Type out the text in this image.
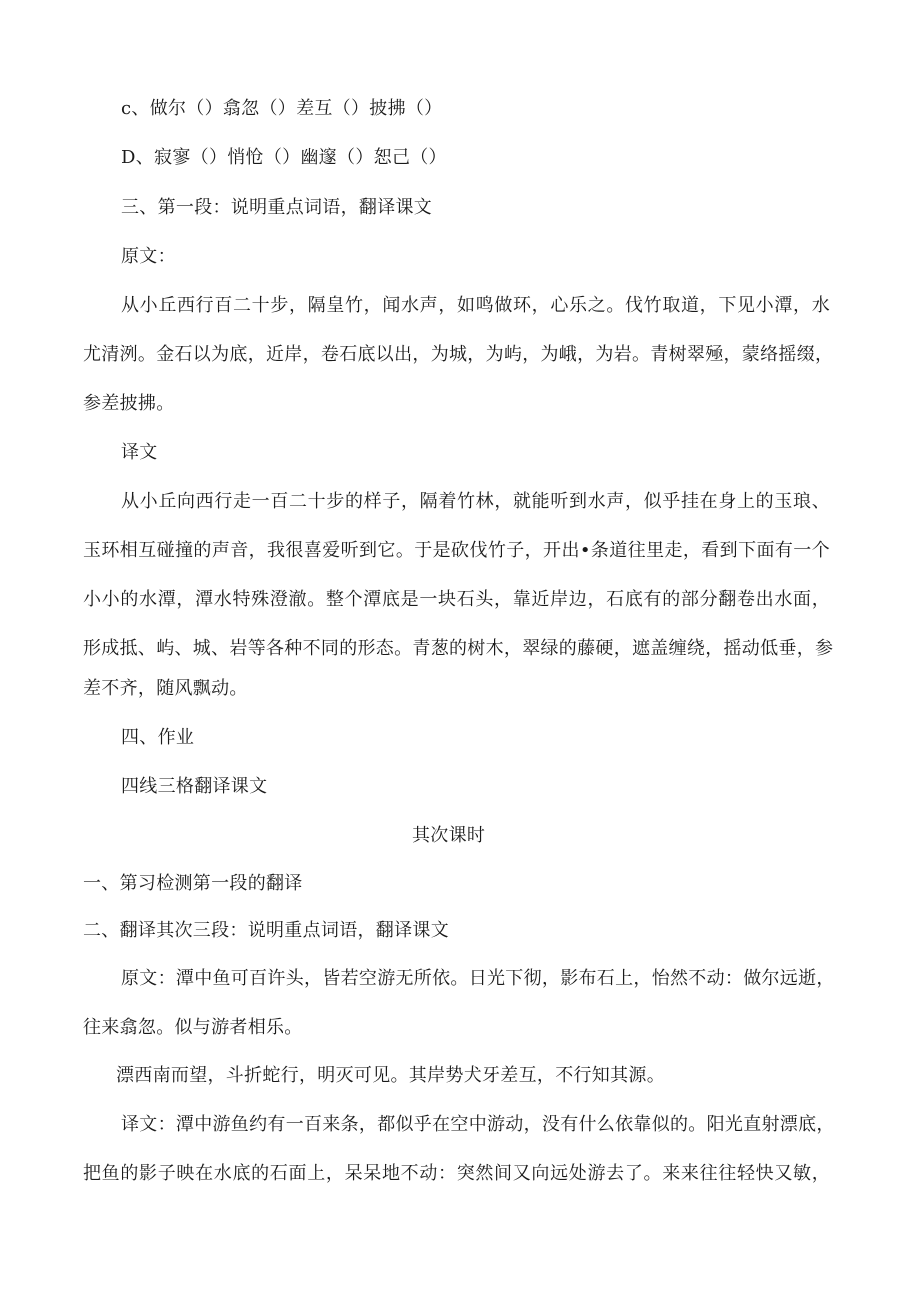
c、做尔（）翕忽（）差互（）披拂（）
D、寂寥（）悄怆（）幽邃（）恕己（）
三、第一段：说明重点词语，翻译课文
原文：
从小丘西行百二十步，隔皇竹，闻水声，如鸣做环，心乐之。伐竹取道，下见小潭，水
尤清洌。金石以为底，近岸，卷石底以出，为城，为屿，为峨，为岩。青树翠殛，蒙络摇缀，
参差披拂。
译文
从小丘向西行走一百二十步的样子，隔着竹林，就能听到水声，似乎挂在身上的玉琅、
玉环相互碰撞的声音，我很喜爱听到它。于是砍伐竹子，开出•条道往里走，看到下面有一个
小小的水潭，潭水特殊澄澈。整个潭底是一块石头，靠近岸边，石底有的部分翻卷出水面，
形成抵、屿、城、岩等各种不同的形态。青葱的树木，翠绿的藤硬，遮盖缠绕，摇动低垂，参
差不齐，随风飘动。
四、作业
四线三格翻译课文
其次课时
一、第习检测第一段的翻译
二、翻译其次三段：说明重点词语，翻译课文
原文：潭中鱼可百许头，皆若空游无所依。日光下彻，影布石上，怡然不动：做尔远逝，
往来翕忽。似与游者相乐。
漂西南而望，斗折蛇行，明灭可见。其岸势犬牙差互，不行知其源。
译文：潭中游鱼约有一百来条，都似乎在空中游动，没有什么依靠似的。阳光直射漂底，
把鱼的影子映在水底的石面上，呆呆地不动：突然间又向远处游去了。来来往往轻快又敏，
